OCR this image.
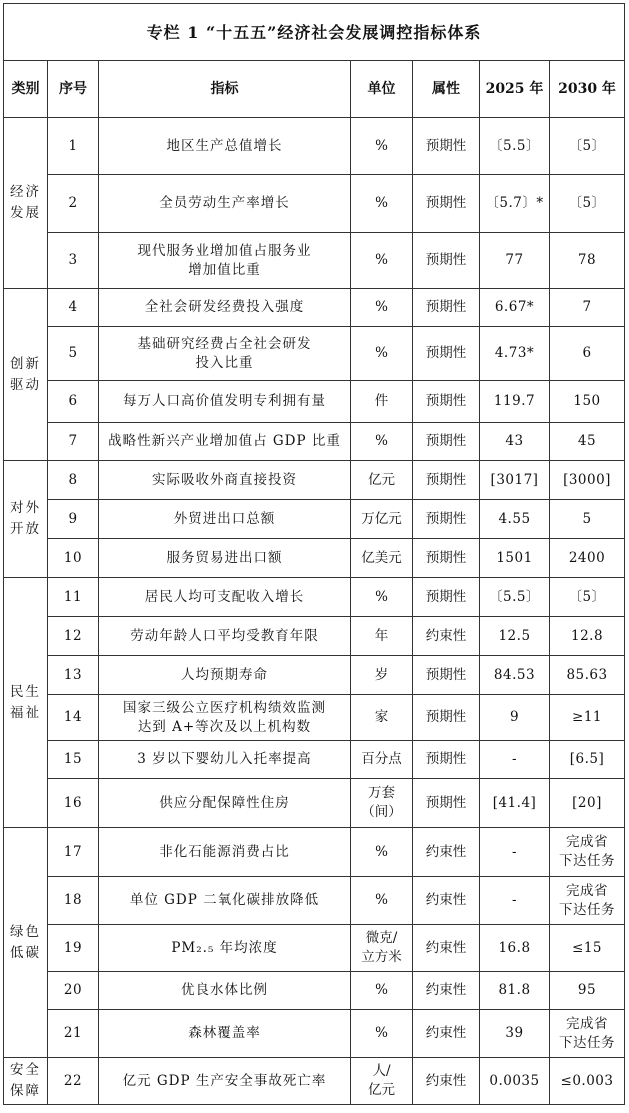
专栏 1 “十五五”经济社会发展调控指标体系						
类别	序号	指标	单位	属性	2025 年	2030 年
经济
发展	1	地区生产总值增长	%	预期性	〔5.5〕	〔5〕
	2	全员劳动生产率增长	%	预期性	〔5.7〕*	〔5〕
	3	现代服务业增加值占服务业
增加值比重	%	预期性	77	78
创新
驱动	4	全社会研发经费投入强度	%	预期性	6.67*	7
	5	基础研究经费占全社会研发
投入比重	%	预期性	4.73*	6
	6	每万人口高价值发明专利拥有量	件	预期性	119.7	150
	7	战略性新兴产业增加值占 GDP 比重	%	预期性	43	45
对外
开放	8	实际吸收外商直接投资	亿元	预期性	[3017]	[3000]
	9	外贸进出口总额	万亿元	预期性	4.55	5
	10	服务贸易进出口额	亿美元	预期性	1501	2400
民生
福祉	11	居民人均可支配收入增长	%	预期性	〔5.5〕	〔5〕
	12	劳动年龄人口平均受教育年限	年	约束性	12.5	12.8
	13	人均预期寿命	岁	预期性	84.53	85.63
	14	国家三级公立医疗机构绩效监测
达到 A+等次及以上机构数	家	预期性	9	≥11
	15	3 岁以下婴幼儿入托率提高	百分点	预期性	-	[6.5]
	16	供应分配保障性住房	万套
（间）	预期性	[41.4]	[20]
绿色
低碳	17	非化石能源消费占比	%	约束性	-	完成省
下达任务
	18	单位 GDP 二氧化碳排放降低	%	约束性	-	完成省
下达任务
	19	PM₂.₅ 年均浓度	微克/
立方米	约束性	16.8	≤15
	20	优良水体比例	%	约束性	81.8	95
	21	森林覆盖率	%	约束性	39	完成省
下达任务
安全
保障	22	亿元 GDP 生产安全事故死亡率	人/
亿元	约束性	0.0035	≤0.003
